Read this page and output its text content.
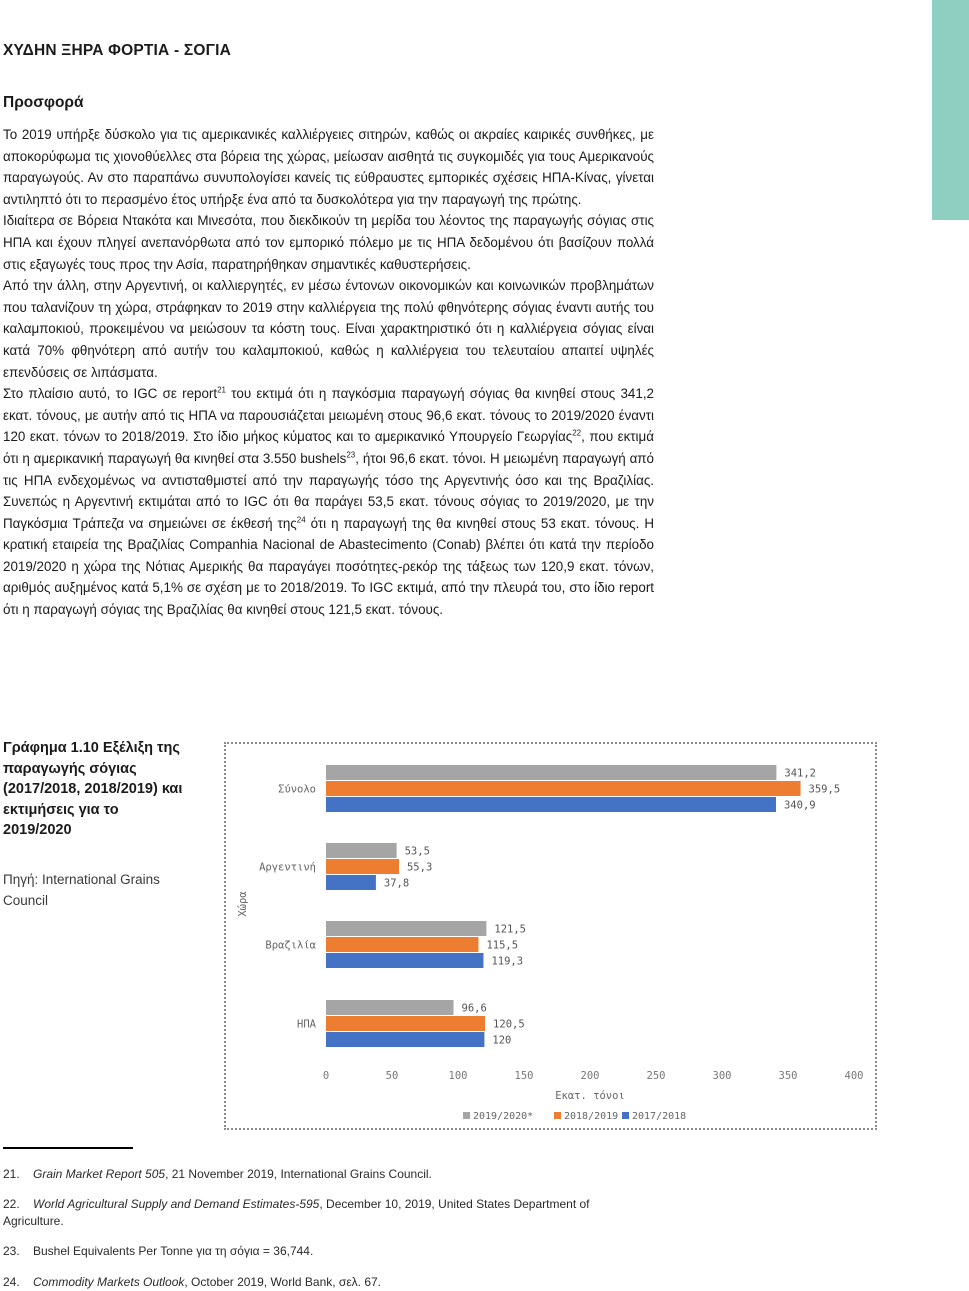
ΧΥΔΗΝ ΞΗΡΑ ΦΟΡΤΙΑ - ΣΟΓΙΑ
Προσφορά

Το 2019 υπήρξε δύσκολο για τις αμερικανικές καλλιέργειες σιτηρών, καθώς οι ακραίες καιρικές συνθήκες, με αποκορύφωμα τις χιονοθύελλες στα βόρεια της χώρας, μείωσαν αισθητά τις συγκομιδές για τους Αμερικανούς παραγωγούς. Αν στο παραπάνω συνυπολογίσει κανείς τις εύθραυστες εμπορικές σχέσεις ΗΠΑ-Κίνας, γίνεται αντιληπτό ότι το περασμένο έτος υπήρξε ένα από τα δυσκολότερα για την παραγωγή της πρώτης.

Ιδιαίτερα σε Βόρεια Ντακότα και Μινεσότα, που διεκδικούν τη μερίδα του λέοντος της παραγωγής σόγιας στις ΗΠΑ και έχουν πληγεί ανεπανόρθωτα από τον εμπορικό πόλεμο με τις ΗΠΑ δεδομένου ότι βασίζουν πολλά στις εξαγωγές τους προς την Ασία, παρατηρήθηκαν σημαντικές καθυστερήσεις.

Από την άλλη, στην Αργεντινή, οι καλλιεργητές, εν μέσω έντονων οικονομικών και κοινωνικών προβλημάτων που ταλανίζουν τη χώρα, στράφηκαν το 2019 στην καλλιέργεια της πολύ φθηνότερης σόγιας έναντι αυτής του καλαμποκιού, προκειμένου να μειώσουν τα κόστη τους. Είναι χαρακτηριστικό ότι η καλλιέργεια σόγιας είναι κατά 70% φθηνότερη από αυτήν του καλαμποκιού, καθώς η καλλιέργεια του τελευταίου απαιτεί υψηλές επενδύσεις σε λιπάσματα.

Στο πλαίσιο αυτό, το IGC σε report$^{21}$ του εκτιμά ότι η παγκόσμια παραγωγή σόγιας θα κινηθεί στους 341,2 εκατ. τόνους, με αυτήν από τις ΗΠΑ να παρουσιάζεται μειωμένη στους 96,6 εκατ. τόνους το 2019/2020 έναντι 120 εκατ. τόνων το 2018/2019. Στο ίδιο μήκος κύματος και το αμερικανικό Υπουργείο Γεωργίας$^{22}$, που εκτιμά ότι η αμερικανική παραγωγή θα κινηθεί στα 3.550 bushels$^{23}$, ήτοι 96,6 εκατ. τόνοι. Η μειωμένη παραγωγή από τις ΗΠΑ ενδεχομένως να αντισταθμιστεί από την παραγωγής τόσο της Αργεντινής όσο και της Βραζιλίας. Συνεπώς η Αργεντινή εκτιμάται από το IGC ότι θα παράγει 53,5 εκατ. τόνους σόγιας το 2019/2020, με την Παγκόσμια Τράπεζα να σημειώνει σε έκθεσή της$^{24}$ ότι η παραγωγή της θα κινηθεί στους 53 εκατ. τόνους. Η κρατική εταιρεία της Βραζιλίας Companhia Nacional de Abastecimento (Conab) βλέπει ότι κατά την περίοδο 2019/2020 η χώρα της Νότιας Αμερικής θα παραγάγει ποσότητες-ρεκόρ της τάξεως των 120,9 εκατ. τόνων, αριθμός αυξημένος κατά 5,1% σε σχέση με το 2018/2019. Το IGC εκτιμά, από την πλευρά του, στο ίδιο report ότι η παραγωγή σόγιας της Βραζιλίας θα κινηθεί στους 121,5 εκατ. τόνους.

Γράφημα 1.10 Εξέλιξη της παραγωγής σόγιας (2017/2018, 2018/2019) και εκτιμήσεις για το 2019/2020

Πηγή: International Grains Council

Σύνολο
341,2
359,5
340,9
Αργεντινή
53,5
55,3
37,8
Βραζιλία
121,5
115,5
119,3
ΗΠΑ
96,6
120,5
120
Χώρα
0	50	100	150	200	250	300	350	400
Εκατ. τόνοι
2019/2020*	2018/2019 2017/2018

21. Grain Market Report 505, 21 November 2019, International Grains Council.

22. World Agricultural Supply and Demand Estimates-595, December 10, 2019, United States Department of Agriculture.

23. Bushel Equivalents Per Tonne για τη σόγια = 36,744.

24. Commodity Markets Outlook, October 2019, World Bank, σελ. 67.
